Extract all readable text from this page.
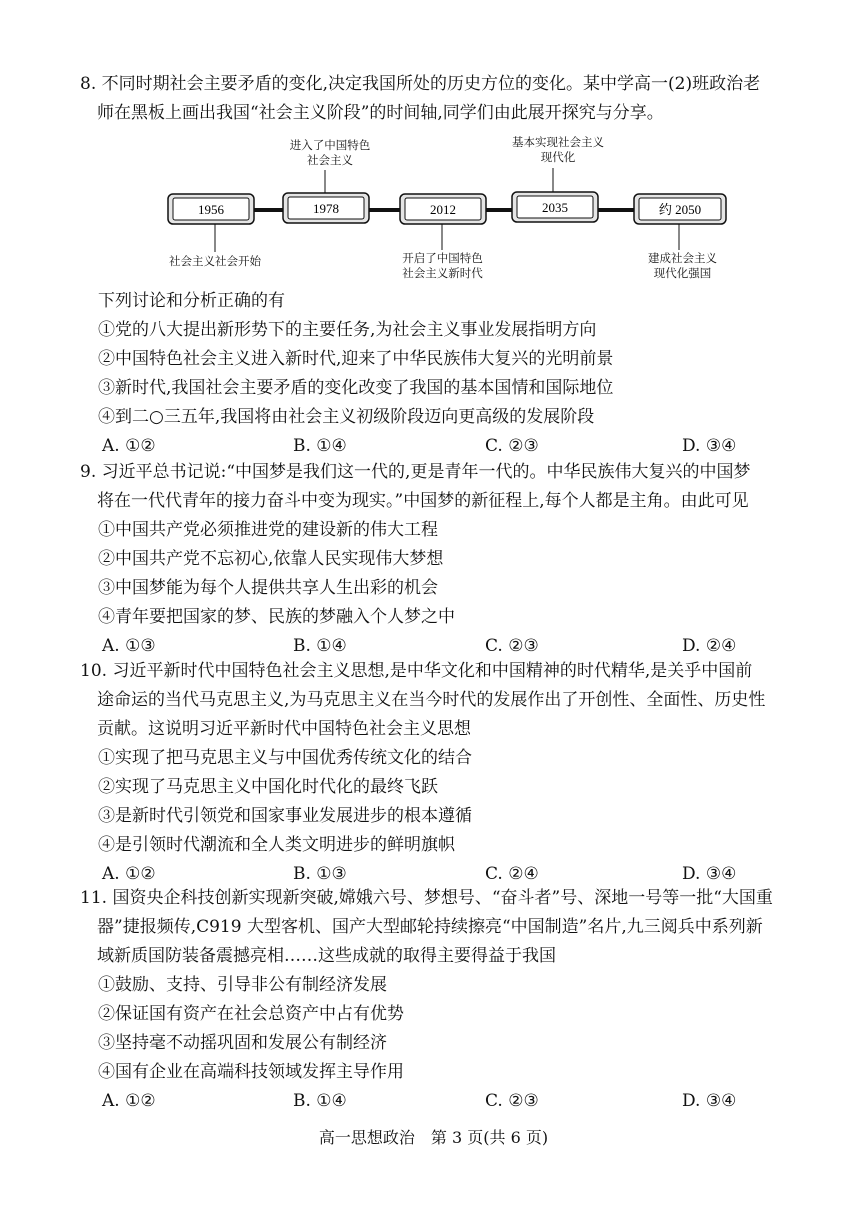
8. 不同时期社会主要矛盾的变化,决定我国所处的历史方位的变化。某中学高一(2)班政治老
师在黑板上画出我国“社会主义阶段”的时间轴,同学们由此展开探究与分享。
1956	1978	2012	2035	约 2050
社会主义社会开始
进入了中国特色
社会主义
开启了中国特色
社会主义新时代
基本实现社会主义
现代化
建成社会主义
现代化强国
下列讨论和分析正确的有
①党的八大提出新形势下的主要任务,为社会主义事业发展指明方向
②中国特色社会主义进入新时代,迎来了中华民族伟大复兴的光明前景
③新时代,我国社会主要矛盾的变化改变了我国的基本国情和国际地位
④到二○三五年,我国将由社会主义初级阶段迈向更高级的发展阶段
A. ①②	B. ①④	C. ②③	D. ③④
9. 习近平总书记说:“中国梦是我们这一代的,更是青年一代的。中华民族伟大复兴的中国梦
将在一代代青年的接力奋斗中变为现实。”中国梦的新征程上,每个人都是主角。由此可见
①中国共产党必须推进党的建设新的伟大工程
②中国共产党不忘初心,依靠人民实现伟大梦想
③中国梦能为每个人提供共享人生出彩的机会
④青年要把国家的梦、民族的梦融入个人梦之中
A. ①③	B. ①④	C. ②③	D. ②④
10. 习近平新时代中国特色社会主义思想,是中华文化和中国精神的时代精华,是关乎中国前
途命运的当代马克思主义,为马克思主义在当今时代的发展作出了开创性、全面性、历史性
贡献。这说明习近平新时代中国特色社会主义思想
①实现了把马克思主义与中国优秀传统文化的结合
②实现了马克思主义中国化时代化的最终飞跃
③是新时代引领党和国家事业发展进步的根本遵循
④是引领时代潮流和全人类文明进步的鲜明旗帜
A. ①②	B. ①③	C. ②④	D. ③④
11. 国资央企科技创新实现新突破,嫦娥六号、梦想号、“奋斗者”号、深地一号等一批“大国重
器”捷报频传,C919 大型客机、国产大型邮轮持续擦亮“中国制造”名片,九三阅兵中系列新
域新质国防装备震撼亮相……这些成就的取得主要得益于我国
①鼓励、支持、引导非公有制经济发展
②保证国有资产在社会总资产中占有优势
③坚持毫不动摇巩固和发展公有制经济
④国有企业在高端科技领域发挥主导作用
A. ①②	B. ①④	C. ②③	D. ③④
高一思想政治　第 3 页(共 6 页)
